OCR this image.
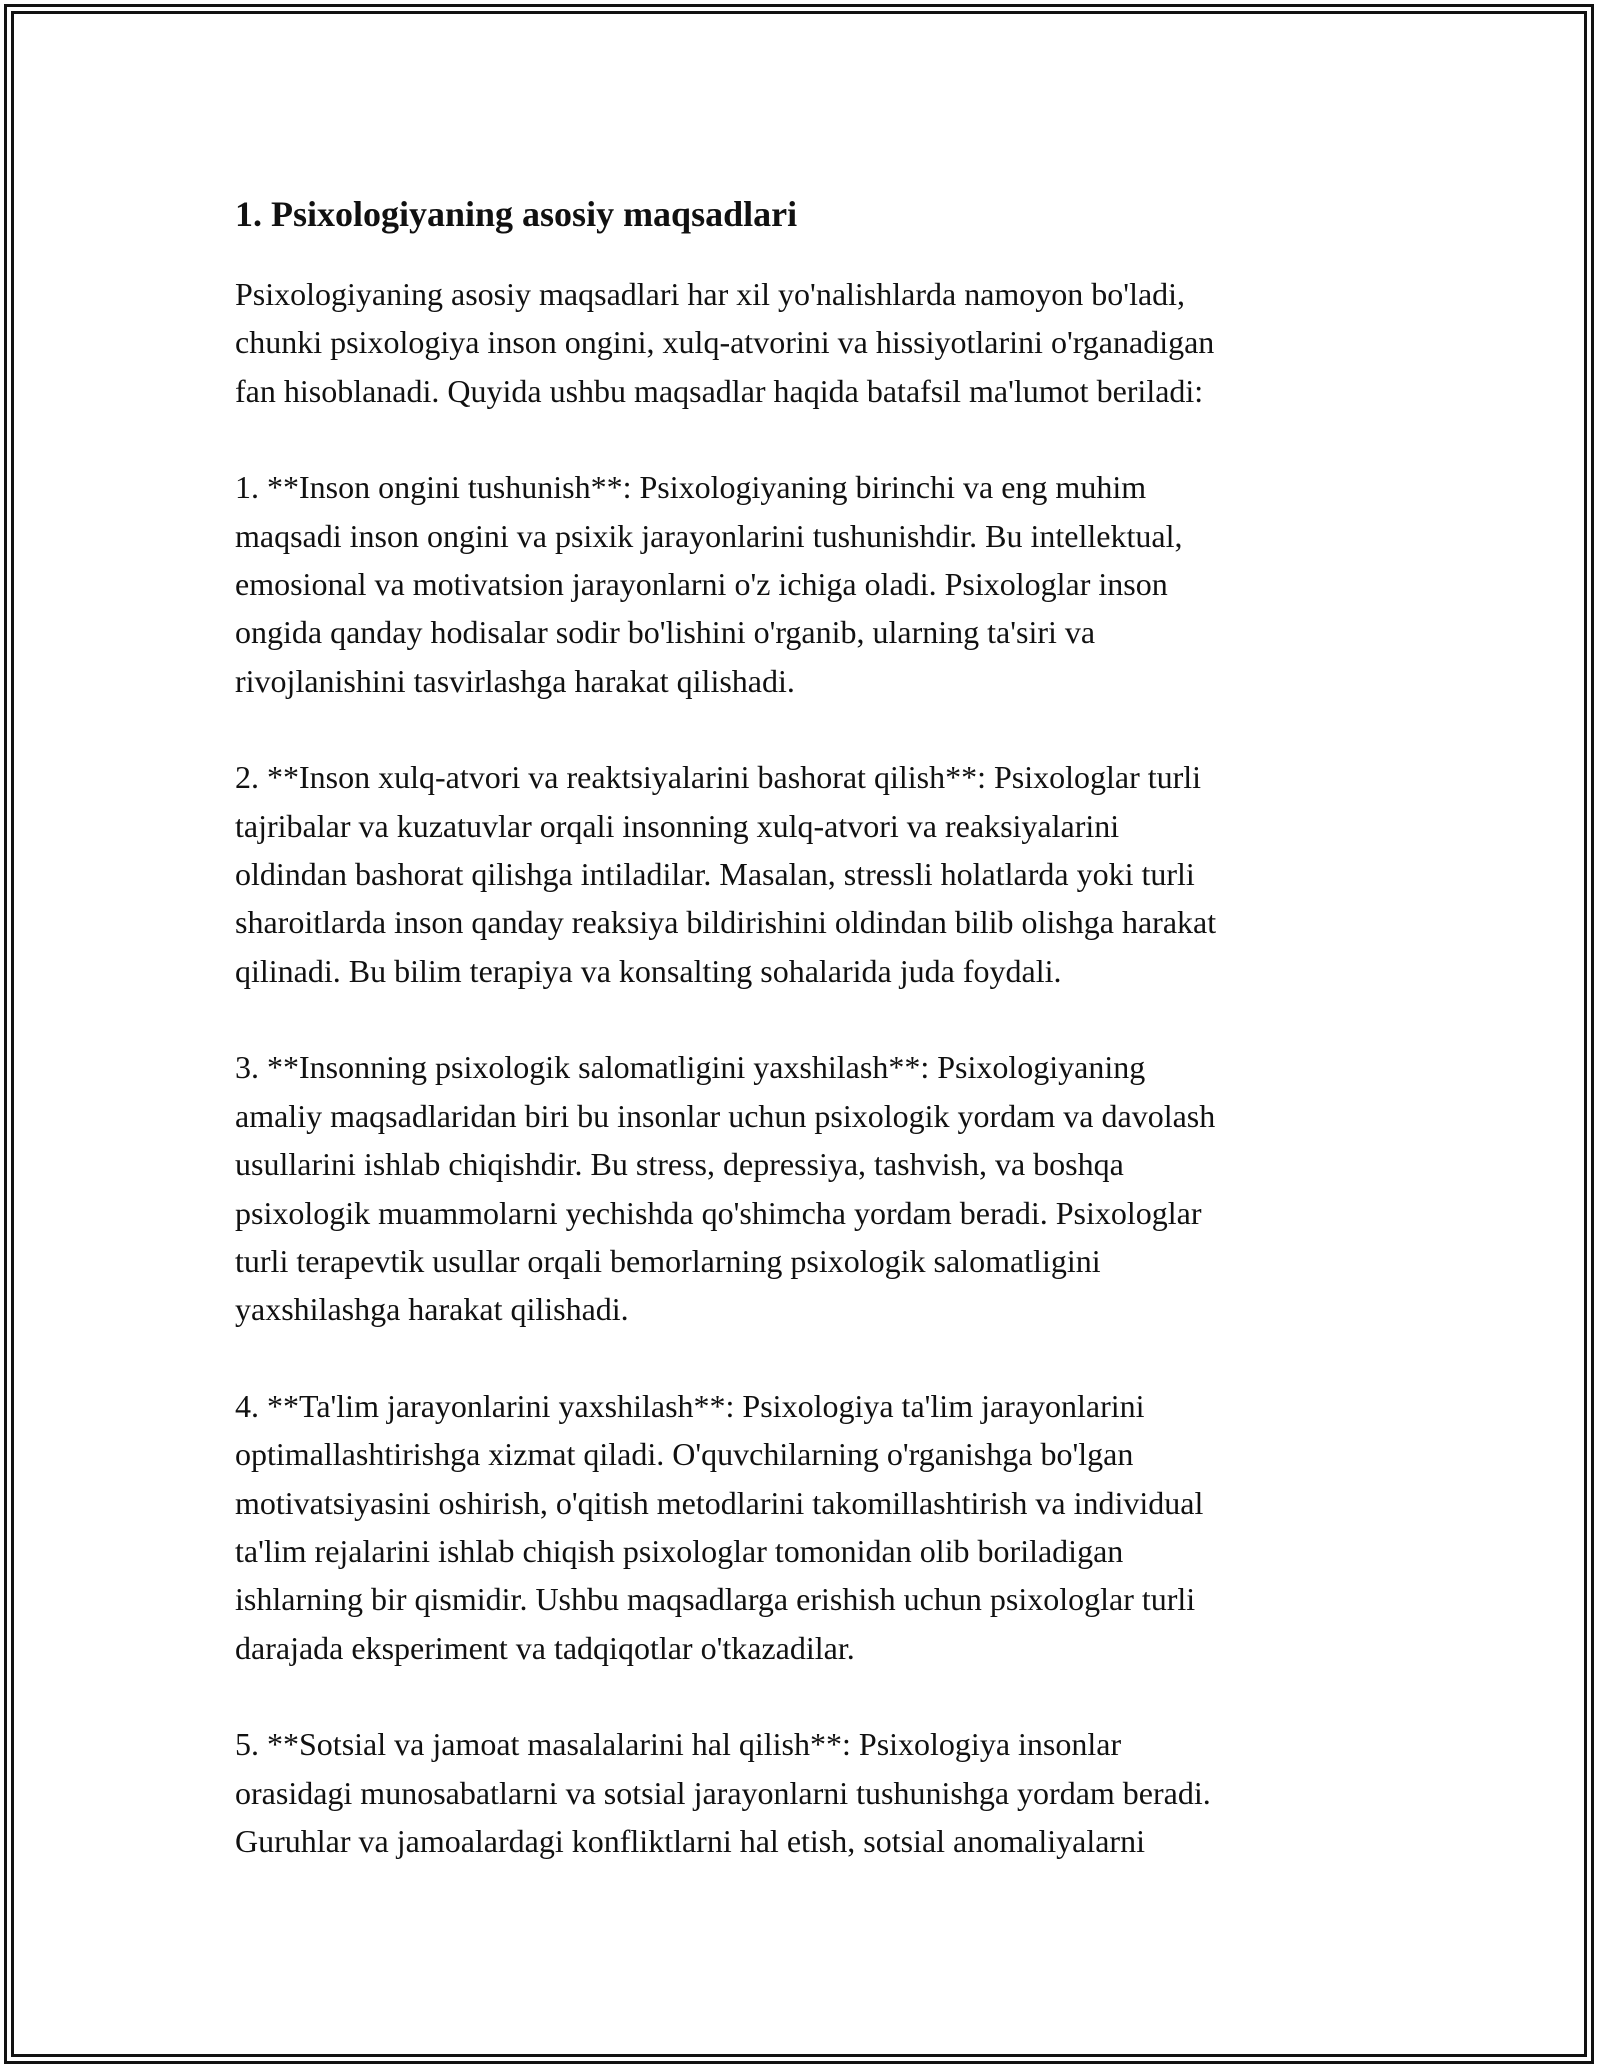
1. Psixologiyaning asosiy maqsadlari

Psixologiyaning asosiy maqsadlari har xil yo'nalishlarda namoyon bo'ladi,
chunki psixologiya inson ongini, xulq-atvorini va hissiyotlarini o'rganadigan
fan hisoblanadi. Quyida ushbu maqsadlar haqida batafsil ma'lumot beriladi:

1. **Inson ongini tushunish**: Psixologiyaning birinchi va eng muhim
maqsadi inson ongini va psixik jarayonlarini tushunishdir. Bu intellektual,
emosional va motivatsion jarayonlarni o'z ichiga oladi. Psixologlar inson
ongida qanday hodisalar sodir bo'lishini o'rganib, ularning ta'siri va
rivojlanishini tasvirlashga harakat qilishadi.

2. **Inson xulq-atvori va reaktsiyalarini bashorat qilish**: Psixologlar turli
tajribalar va kuzatuvlar orqali insonning xulq-atvori va reaksiyalarini
oldindan bashorat qilishga intiladilar. Masalan, stressli holatlarda yoki turli
sharoitlarda inson qanday reaksiya bildirishini oldindan bilib olishga harakat
qilinadi. Bu bilim terapiya va konsalting sohalarida juda foydali.

3. **Insonning psixologik salomatligini yaxshilash**: Psixologiyaning
amaliy maqsadlaridan biri bu insonlar uchun psixologik yordam va davolash
usullarini ishlab chiqishdir. Bu stress, depressiya, tashvish, va boshqa
psixologik muammolarni yechishda qo'shimcha yordam beradi. Psixologlar
turli terapevtik usullar orqali bemorlarning psixologik salomatligini
yaxshilashga harakat qilishadi.

4. **Ta'lim jarayonlarini yaxshilash**: Psixologiya ta'lim jarayonlarini
optimallashtirishga xizmat qiladi. O'quvchilarning o'rganishga bo'lgan
motivatsiyasini oshirish, o'qitish metodlarini takomillashtirish va individual
ta'lim rejalarini ishlab chiqish psixologlar tomonidan olib boriladigan
ishlarning bir qismidir. Ushbu maqsadlarga erishish uchun psixologlar turli
darajada eksperiment va tadqiqotlar o'tkazadilar.

5. **Sotsial va jamoat masalalarini hal qilish**: Psixologiya insonlar
orasidagi munosabatlarni va sotsial jarayonlarni tushunishga yordam beradi.
Guruhlar va jamoalardagi konfliktlarni hal etish, sotsial anomaliyalarni
